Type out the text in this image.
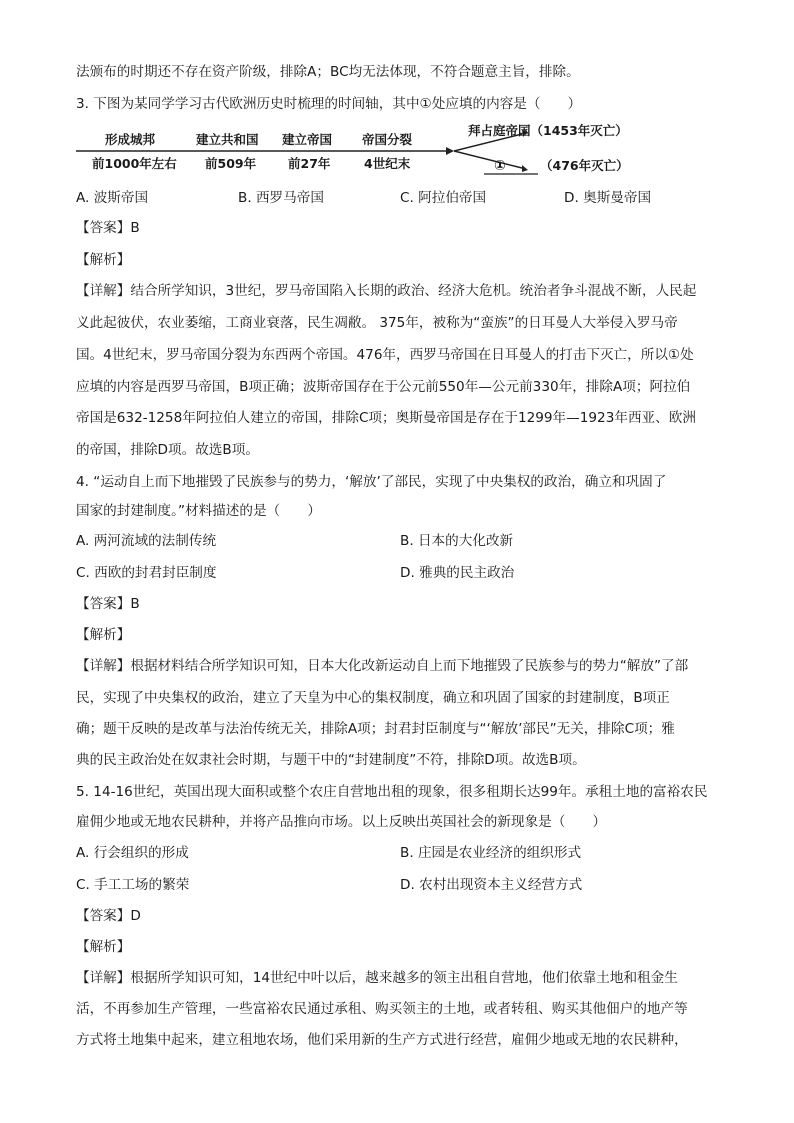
法颁布的时期还不存在资产阶级，排除A；BC均无法体现，不符合题意主旨，排除。
3. 下图为某同学学习古代欧洲历史时梳理的时间轴，其中①处应填的内容是（　　）
形成城邦
前1000年左右
建立共和国
前509年
建立帝国
前27年
帝国分裂
4世纪末
拜占庭帝国（1453年灭亡）
①	（476年灭亡）
A. 波斯帝国	B. 西罗马帝国	C. 阿拉伯帝国	D. 奥斯曼帝国
【答案】B
【解析】
【详解】结合所学知识，3世纪，罗马帝国陷入长期的政治、经济大危机。统治者争斗混战不断，人民起
义此起彼伏，农业萎缩，工商业衰落，民生凋敝。 375年，被称为“蛮族”的日耳曼人大举侵入罗马帝
国。4世纪末，罗马帝国分裂为东西两个帝国。476年，西罗马帝国在日耳曼人的打击下灭亡，所以①处
应填的内容是西罗马帝国，B项正确；波斯帝国存在于公元前550年—公元前330年，排除A项；阿拉伯
帝国是632-1258年阿拉伯人建立的帝国，排除C项；奥斯曼帝国是存在于1299年—1923年西亚、欧洲
的帝国，排除D项。故选B项。
4. “运动自上而下地摧毁了民族参与的势力，‘解放’了部民，实现了中央集权的政治，确立和巩固了
国家的封建制度。”材料描述的是（　　）
A. 两河流域的法制传统	B. 日本的大化改新
C. 西欧的封君封臣制度	D. 雅典的民主政治
【答案】B
【解析】
【详解】根据材料结合所学知识可知，日本大化改新运动自上而下地摧毁了民族参与的势力“解放”了部
民，实现了中央集权的政治，建立了天皇为中心的集权制度，确立和巩固了国家的封建制度，B项正
确；题干反映的是改革与法治传统无关，排除A项；封君封臣制度与“‘解放’部民”无关，排除C项；雅
典的民主政治处在奴隶社会时期，与题干中的“封建制度”不符，排除D项。故选B项。
5. 14-16世纪，英国出现大面积或整个农庄自营地出租的现象，很多租期长达99年。承租土地的富裕农民
雇佣少地或无地农民耕种，并将产品推向市场。以上反映出英国社会的新现象是（　　）
A. 行会组织的形成	B. 庄园是农业经济的组织形式
C. 手工工场的繁荣	D. 农村出现资本主义经营方式
【答案】D
【解析】
【详解】根据所学知识可知，14世纪中叶以后，越来越多的领主出租自营地，他们依靠土地和租金生
活，不再参加生产管理，一些富裕农民通过承租、购买领主的土地，或者转租、购买其他佃户的地产等
方式将土地集中起来，建立租地农场，他们采用新的生产方式进行经营，雇佣少地或无地的农民耕种，
